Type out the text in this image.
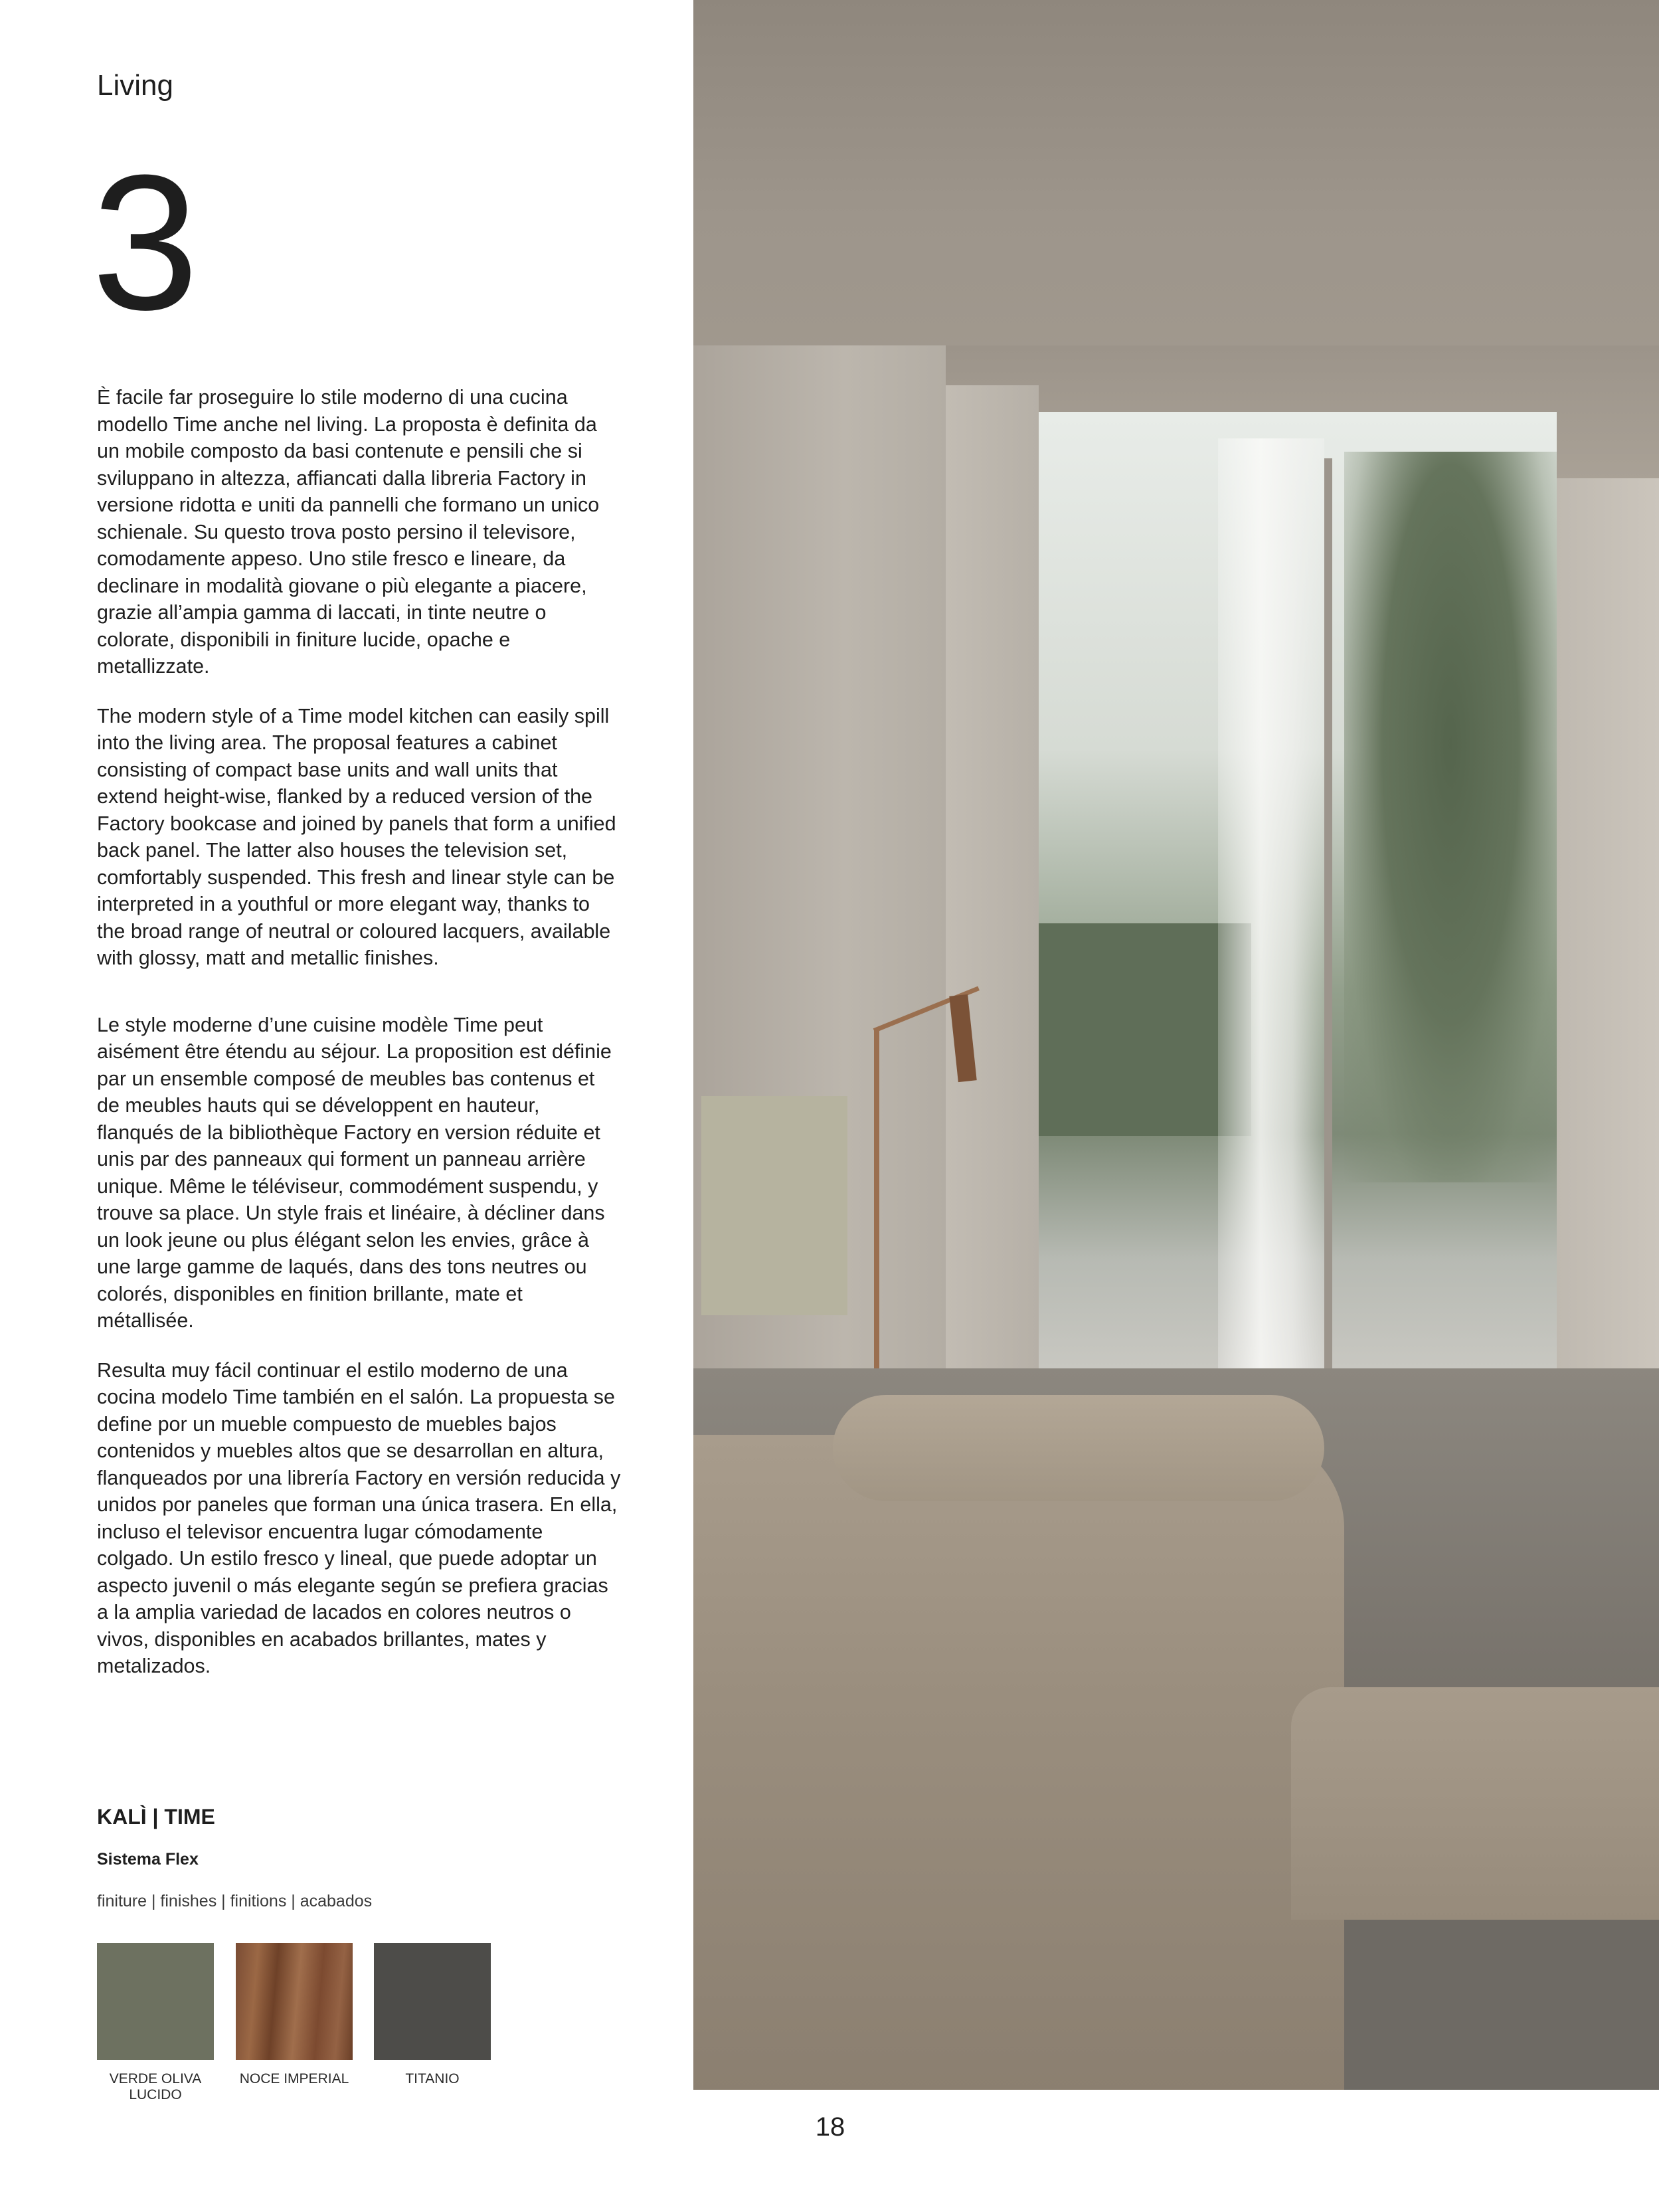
Living
3

È facile far proseguire lo stile moderno di una cucina modello Time anche nel living. La proposta è definita da un mobile composto da basi contenute e pensili che si sviluppano in altezza, affiancati dalla libreria Factory in versione ridotta e uniti da pannelli che formano un unico schienale. Su questo trova posto persino il televisore, comodamente appeso. Uno stile fresco e lineare, da declinare in modalità giovane o più elegante a piacere, grazie all’ampia gamma di laccati, in tinte neutre o colorate, disponibili in finiture lucide, opache e metallizzate.

The modern style of a Time model kitchen can easily spill into the living area. The proposal features a cabinet consisting of compact base units and wall units that extend height-wise, flanked by a reduced version of the Factory bookcase and joined by panels that form a unified back panel. The latter also houses the television set, comfortably suspended. This fresh and linear style can be interpreted in a youthful or more elegant way, thanks to the broad range of neutral or coloured lacquers, available with glossy, matt and metallic finishes.

Le style moderne d’une cuisine modèle Time peut aisément être étendu au séjour. La proposition est définie par un ensemble composé de meubles bas contenus et de meubles hauts qui se développent en hauteur, flanqués de la bibliothèque Factory en version réduite et unis par des panneaux qui forment un panneau arrière unique. Même le téléviseur, commodément suspendu, y trouve sa place. Un style frais et linéaire, à décliner dans un look jeune ou plus élégant selon les envies, grâce à une large gamme de laqués, dans des tons neutres ou colorés, disponibles en finition brillante, mate et métallisée.

Resulta muy fácil continuar el estilo moderno de una cocina modelo Time también en el salón. La propuesta se define por un mueble compuesto de muebles bajos contenidos y muebles altos que se desarrollan en altura, flanqueados por una librería Factory en versión reducida y unidos por paneles que forman una única trasera. En ella, incluso el televisor encuentra lugar cómodamente colgado. Un estilo fresco y lineal, que puede adoptar un aspecto juvenil o más elegante según se prefiera gracias a la amplia variedad de lacados en colores neutros o vivos, disponibles en acabados brillantes, mates y metalizados.

KALÌ | TIME
Sistema Flex
finiture | finishes | finitions | acabados
VERDE OLIVA LUCIDO
NOCE IMPERIAL	TITANIO
18
